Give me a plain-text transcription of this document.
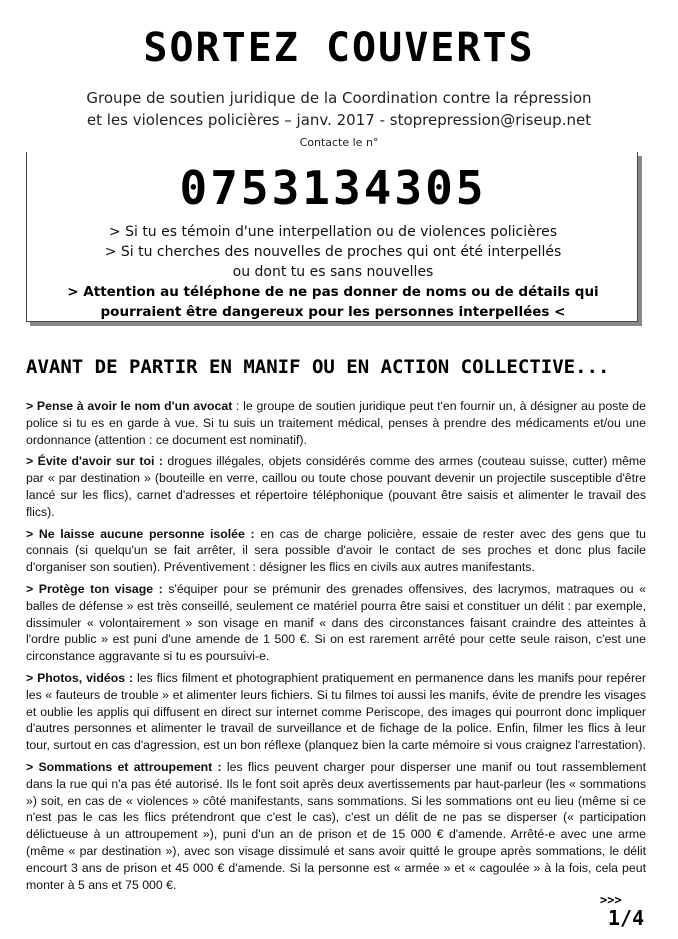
SORTEZ COUVERTS
Groupe de soutien juridique de la Coordination contre la répression
et les violences policières – janv. 2017 - stoprepression@riseup.net
Contacte le n°
0753134305
> Si tu es témoin d'une interpellation ou de violences policières
> Si tu cherches des nouvelles de proches qui ont été interpellés
ou dont tu es sans nouvelles
> Attention au téléphone de ne pas donner de noms ou de détails qui pourraient être dangereux pour les personnes interpellées <
AVANT DE PARTIR EN MANIF OU EN ACTION COLLECTIVE...

> Pense à avoir le nom d'un avocat : le groupe de soutien juridique peut t'en fournir un, à désigner au poste de police si tu es en garde à vue. Si tu suis un traitement médical, penses à prendre des médicaments et/ou une ordonnance (attention : ce document est nominatif).

> Évite d'avoir sur toi : drogues illégales, objets considérés comme des armes (couteau suisse, cutter) même par « par destination » (bouteille en verre, caillou ou toute chose pouvant devenir un projectile susceptible d'être lancé sur les flics), carnet d'adresses et répertoire téléphonique (pouvant être saisis et alimenter le travail des flics).

> Ne laisse aucune personne isolée : en cas de charge policière, essaie de rester avec des gens que tu connais (si quelqu'un se fait arrêter, il sera possible d'avoir le contact de ses proches et donc plus facile d'organiser son soutien). Préventivement : désigner les flics en civils aux autres manifestants.

> Protège ton visage : s'équiper pour se prémunir des grenades offensives, des lacrymos, matraques ou « balles de défense » est très conseillé, seulement ce matériel pourra être saisi et constituer un délit : par exemple, dissimuler « volontairement » son visage en manif « dans des circonstances faisant craindre des atteintes à l'ordre public » est puni d'une amende de 1 500 €. Si on est rarement arrêté pour cette seule raison, c'est une circonstance aggravante si tu es poursuivi-e.

> Photos, vidéos : les flics filment et photographient pratiquement en permanence dans les manifs pour repérer les « fauteurs de trouble » et alimenter leurs fichiers. Si tu filmes toi aussi les manifs, évite de prendre les visages et oublie les applis qui diffusent en direct sur internet comme Periscope, des images qui pourront donc impliquer d'autres personnes et alimenter le travail de surveillance et de fichage de la police. Enfin, filmer les flics à leur tour, surtout en cas d'agression, est un bon réflexe (planquez bien la carte mémoire si vous craignez l'arrestation).

> Sommations et attroupement : les flics peuvent charger pour disperser une manif ou tout rassemblement dans la rue qui n'a pas été autorisé. Ils le font soit après deux avertissements par haut-parleur (les « sommations ») soit, en cas de « violences » côté manifestants, sans sommations. Si les sommations ont eu lieu (même si ce n'est pas le cas les flics prétendront que c'est le cas), c'est un délit de ne pas se disperser (« participation délictueuse à un attroupement »), puni d'un an de prison et de 15 000 € d'amende. Arrêté-e avec une arme (même « par destination »), avec son visage dissimulé et sans avoir quitté le groupe après sommations, le délit encourt 3 ans de prison et 45 000 € d'amende. Si la personne est « armée » et « cagoulée » à la fois, cela peut monter à 5 ans et 75 000 €.

>>>
1/4
